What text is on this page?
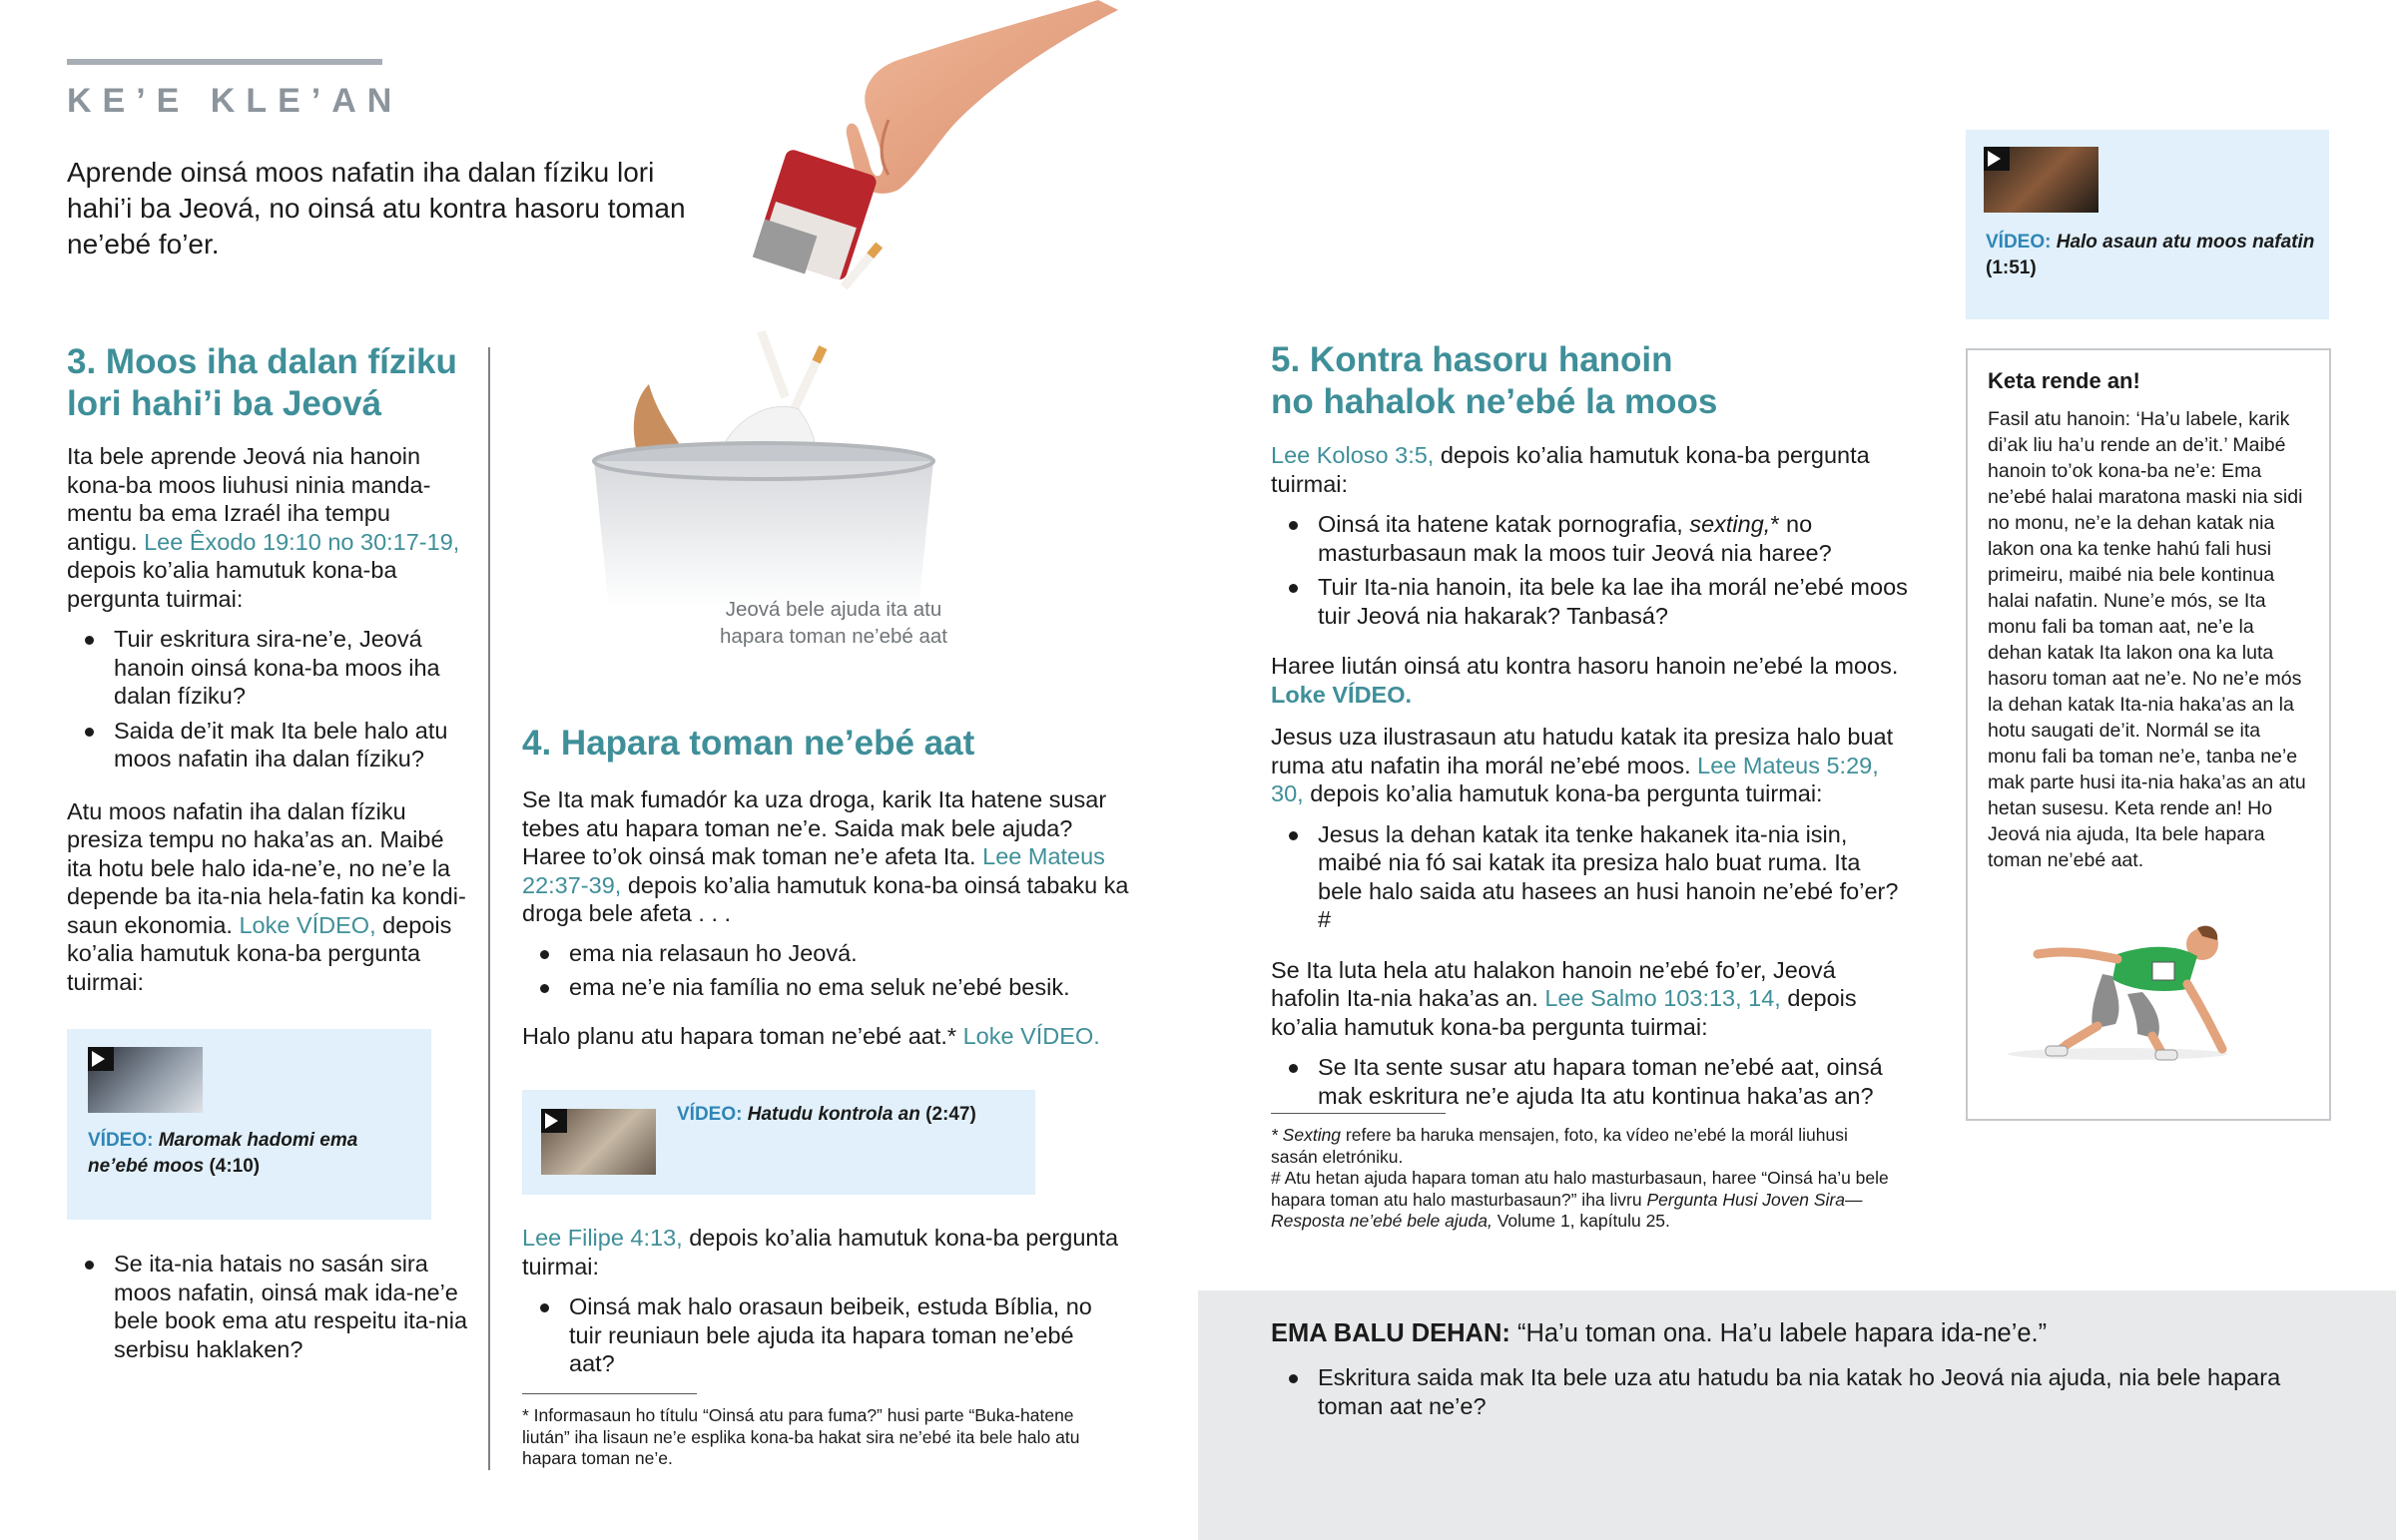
KE’E KLE’AN

Aprende oinsá moos nafatin iha dalan fíziku lori hahi’i ba Jeová, no oinsá atu kontra hasoru toman ne’ebé fo’er.

Jeová bele ajuda ita atu
hapara toman ne’ebé aat
VÍDEO: Halo asaun atu moos nafatin
(1:51)
3. Moos iha dalan fíziku
lori hahi’i ba Jeová

Ita bele aprende Jeová nia hanoin kona-ba moos liuhusi ninia mandamentu ba ema Izraél iha tempu antigu. Lee Êxodo 19:10 no 30:17-19, depois ko’alia hamutuk kona-ba pergunta tuirmai:

Tuir eskritura sira-ne’e, Jeová hanoin oinsá kona-ba moos iha dalan fíziku?
Saida de’it mak Ita bele halo atu moos nafatin iha dalan fíziku?

Atu moos nafatin iha dalan fíziku presiza tempu no haka’as an. Maibé ita hotu bele halo ida-ne’e, no ne’e la depende ba ita-nia hela-fatin ka kondisaun ekonomia. Loke VÍDEO, depois ko’alia hamutuk kona-ba pergunta tuirmai:

VÍDEO: Maromak hadomi ema ne’ebé moos (4:10)
Se ita-nia hatais no sasán sira moos nafatin, oinsá mak ida-ne’e bele book ema atu respeitu ita-nia serbisu haklaken?
4. Hapara toman ne’ebé aat

Se Ita mak fumadór ka uza droga, karik Ita hatene susar tebes atu hapara toman ne’e. Saida mak bele ajuda? Haree to’ok oinsá mak toman ne’e afeta Ita. Lee Mateus 22:37-39, depois ko’alia hamutuk kona-ba oinsá tabaku ka droga bele afeta . . .

ema nia relasaun ho Jeová.
ema ne’e nia família no ema seluk ne’ebé besik.

Halo planu atu hapara toman ne’ebé aat.* Loke VÍDEO.

VÍDEO: Hatudu kontrola an (2:47)

Lee Filipe 4:13, depois ko’alia hamutuk kona-ba pergunta tuirmai:

Oinsá mak halo orasaun beibeik, estuda Bíblia, no tuir reuniaun bele ajuda ita hapara toman ne’ebé aat?

* Informasaun ho títulu “Oinsá atu para fuma?” husi parte “Buka-hatene liután” iha lisaun ne’e esplika kona-ba hakat sira ne’ebé ita bele halo atu hapara toman ne’e.

5. Kontra hasoru hanoin
no hahalok ne’ebé la moos

Lee Koloso 3:5, depois ko’alia hamutuk kona-ba pergunta tuirmai:

Oinsá ita hatene katak pornografia, sexting,* no masturbasaun mak la moos tuir Jeová nia haree?
Tuir Ita-nia hanoin, ita bele ka lae iha morál ne’ebé moos tuir Jeová nia hakarak? Tanbasá?

Haree liután oinsá atu kontra hasoru hanoin ne’ebé la moos. Loke VÍDEO.

Jesus uza ilustrasaun atu hatudu katak ita presiza halo buat ruma atu nafatin iha morál ne’ebé moos. Lee Mateus 5:29, 30, depois ko’alia hamutuk kona-ba pergunta tuirmai:

Jesus la dehan katak ita tenke hakanek ita-nia isin, maibé nia fó sai katak ita presiza halo buat ruma. Ita bele halo saida atu hasees an husi hanoin ne’ebé fo’er?#

Se Ita luta hela atu halakon hanoin ne’ebé fo’er, Jeová hafolin Ita-nia haka’as an. Lee Salmo 103:13, 14, depois ko’alia hamutuk kona-ba pergunta tuirmai:

Se Ita sente susar atu hapara toman ne’ebé aat, oinsá mak eskritura ne’e ajuda Ita atu kontinua haka’as an?

* Sexting refere ba haruka mensajen, foto, ka vídeo ne’ebé la morál liuhusi sasán eletróniku.

# Atu hetan ajuda hapara toman atu halo masturbasaun, haree “Oinsá ha’u bele hapara toman atu halo masturbasaun?” iha livru Pergunta Husi Joven Sira—Resposta ne’ebé bele ajuda, Volume 1, kapítulu 25.

Keta rende an!

Fasil atu hanoin: ‘Ha’u labele, karik di’ak liu ha’u rende an de’it.’ Maibé hanoin to’ok kona-ba ne’e: Ema ne’ebé halai maratona maski nia sidi no monu, ne’e la dehan katak nia lakon ona ka tenke hahú fali husi primeiru, maibé nia bele kontinua halai nafatin. Nune’e mós, se Ita monu fali ba toman aat, ne’e la dehan katak Ita lakon ona ka luta hasoru toman aat ne’e. No ne’e mós la dehan katak Ita-nia haka’as an la hotu saugati de’it. Normál se ita monu fali ba toman ne’e, tanba ne’e mak parte husi ita-nia haka’as an atu hetan susesu. Keta rende an! Ho Jeová nia ajuda, Ita bele hapara toman ne’ebé aat.

EMA BALU DEHAN: “Ha’u toman ona. Ha’u labele hapara ida-ne’e.”

Eskritura saida mak Ita bele uza atu hatudu ba nia katak ho Jeová nia ajuda, nia bele hapara toman aat ne’e?
